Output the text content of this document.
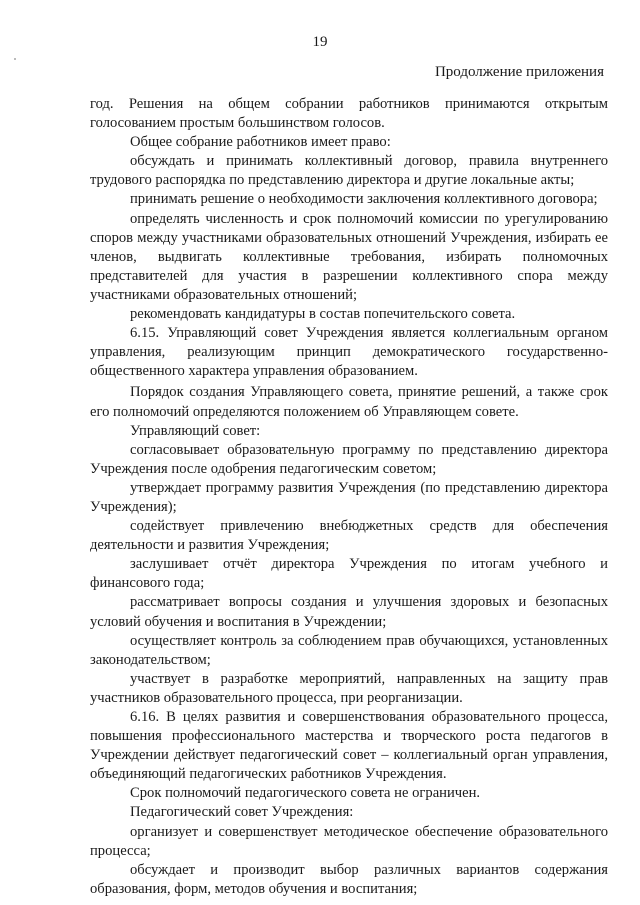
19
Продолжение приложения

год. Решения на общем собрании работников принимаются открытым голосованием простым большинством голосов.

Общее собрание работников имеет право:

обсуждать и принимать коллективный договор, правила внутреннего трудового распорядка по представлению директора и другие локальные акты;

принимать решение о необходимости заключения коллективного договора;

определять численность и срок полномочий комиссии по урегулированию споров между участниками образовательных отношений Учреждения, избирать ее членов, выдвигать коллективные требования, избирать полномочных представителей для участия в разрешении коллективного спора между участниками образовательных отношений;

рекомендовать кандидатуры в состав попечительского совета.

6.15. Управляющий совет Учреждения является коллегиальным органом управления, реализующим принцип демократического государственно-общественного характера управления образованием.

Порядок создания Управляющего совета, принятие решений, а также срок его полномочий определяются положением об Управляющем совете.

Управляющий совет:

согласовывает образовательную программу по представлению директора Учреждения после одобрения педагогическим советом;

утверждает программу развития Учреждения (по представлению директора Учреждения);

содействует привлечению внебюджетных средств для обеспечения деятельности и развития Учреждения;

заслушивает отчёт директора Учреждения по итогам учебного и финансового года;

рассматривает вопросы создания и улучшения здоровых и безопасных условий обучения и воспитания в Учреждении;

осуществляет контроль за соблюдением прав обучающихся, установленных законодательством;

участвует в разработке мероприятий, направленных на защиту прав участников образовательного процесса, при реорганизации.

6.16. В целях развития и совершенствования образовательного процесса, повышения профессионального мастерства и творческого роста педагогов в Учреждении действует педагогический совет – коллегиальный орган управления, объединяющий педагогических работников Учреждения.

Срок полномочий педагогического совета не ограничен.

Педагогический совет Учреждения:

организует и совершенствует методическое обеспечение образовательного процесса;

обсуждает и производит выбор различных вариантов содержания образования, форм, методов обучения и воспитания;
